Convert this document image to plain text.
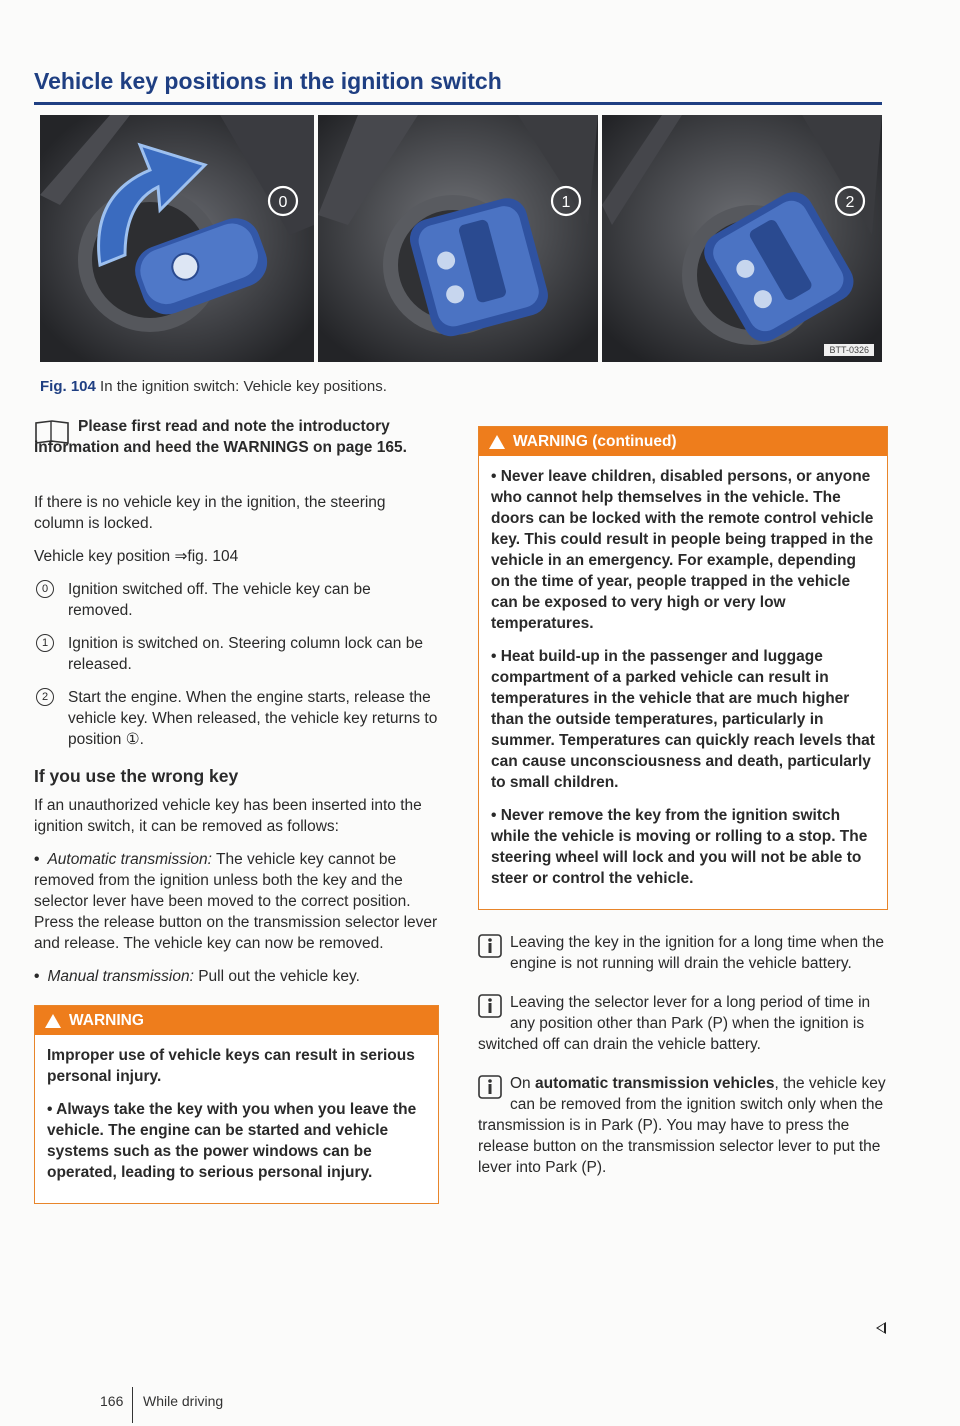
Vehicle key positions in the ignition switch
0	1	2
BTT-0326
Fig. 104 In the ignition switch: Vehicle key positions.
Please first read and note the introductory information and heed the WARNINGS on page 165.

If there is no vehicle key in the ignition, the steering column is locked.

Vehicle key position ⇒fig. 104

0	Ignition switched off. The vehicle key can be removed.
1	Ignition is switched on. Steering column lock can be released.
2	Start the engine. When the engine starts, release the vehicle key. When released, the vehicle key returns to position ①.
If you use the wrong key

If an unauthorized vehicle key has been inserted into the ignition switch, it can be removed as follows:

• Automatic transmission: The vehicle key cannot be removed from the ignition unless both the key and the selector lever have been moved to the correct position. Press the release button on the transmission selector lever and release. The vehicle key can now be removed.
• Manual transmission: Pull out the vehicle key.
WARNING

Improper use of vehicle keys can result in serious personal injury.

• Always take the key with you when you leave the vehicle. The engine can be started and vehicle systems such as the power windows can be operated, leading to serious personal injury.

WARNING (continued)

• Never leave children, disabled persons, or anyone who cannot help themselves in the vehicle. The doors can be locked with the remote control vehicle key. This could result in people being trapped in the vehicle in an emergency. For example, depending on the time of year, people trapped in the vehicle can be exposed to very high or very low temperatures.

• Heat build-up in the passenger and luggage compartment of a parked vehicle can result in temperatures in the vehicle that are much higher than the outside temperatures, particularly in summer. Temperatures can quickly reach levels that can cause unconsciousness and death, particularly to small children.

• Never remove the key from the ignition switch while the vehicle is moving or rolling to a stop. The steering wheel will lock and you will not be able to steer or control the vehicle.

Leaving the key in the ignition for a long time when the engine is not running will drain the vehicle battery.
Leaving the selector lever for a long period of time in any position other than Park (P) when the ignition is switched off can drain the vehicle battery.
On automatic transmission vehicles, the vehicle key can be removed from the ignition switch only when the transmission is in Park (P). You may have to press the release button on the transmission selector lever to put the lever into Park (P).
166 While driving
